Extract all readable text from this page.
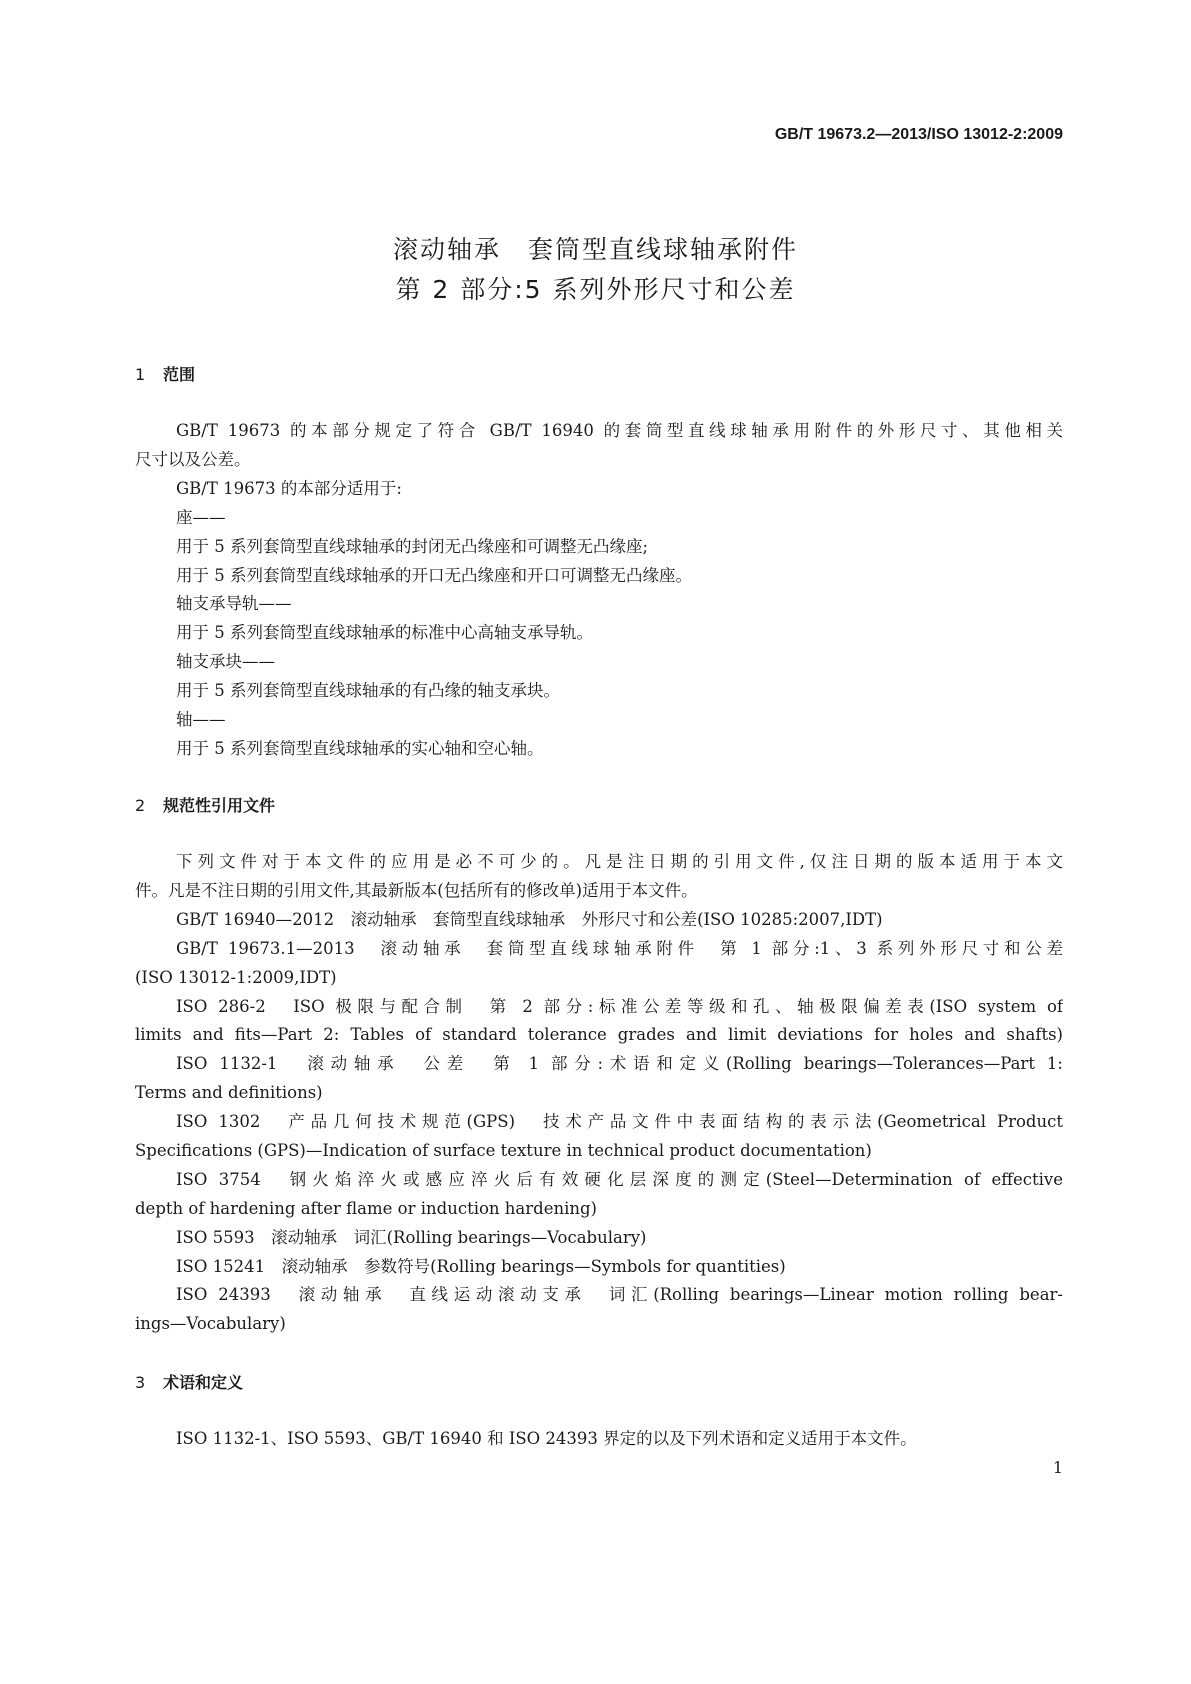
GB/T 19673.2—2013/ISO 13012-2:2009
滚动轴承　套筒型直线球轴承附件
第 2 部分:5 系列外形尺寸和公差
1 范围
GB/T 19673 的本部分规定了符合 GB/T 16940 的套筒型直线球轴承用附件的外形尺寸、其他相关
尺寸以及公差。
GB/T 19673 的本部分适用于:
座——
用于 5 系列套筒型直线球轴承的封闭无凸缘座和可调整无凸缘座;
用于 5 系列套筒型直线球轴承的开口无凸缘座和开口可调整无凸缘座。
轴支承导轨——
用于 5 系列套筒型直线球轴承的标准中心高轴支承导轨。
轴支承块——
用于 5 系列套筒型直线球轴承的有凸缘的轴支承块。
轴——
用于 5 系列套筒型直线球轴承的实心轴和空心轴。
2 规范性引用文件
下列文件对于本文件的应用是必不可少的。凡是注日期的引用文件,仅注日期的版本适用于本文
件。凡是不注日期的引用文件,其最新版本(包括所有的修改单)适用于本文件。
GB/T 16940—2012　滚动轴承　套筒型直线球轴承　外形尺寸和公差(ISO 10285:2007,IDT)
GB/T 19673.1—2013　滚动轴承　套筒型直线球轴承附件　第 1 部分:1、3 系列外形尺寸和公差
(ISO 13012-1:2009,IDT)
ISO 286-2　ISO 极限与配合制　第 2 部分:标准公差等级和孔、轴极限偏差表(ISO system of
limits and fits—Part 2: Tables of standard tolerance grades and limit deviations for holes and shafts)
ISO 1132-1　滚动轴承　公差　第 1 部分:术语和定义(Rolling bearings—Tolerances—Part 1:
Terms and definitions)
ISO 1302　产品几何技术规范(GPS)　技术产品文件中表面结构的表示法(Geometrical Product
Specifications (GPS)—Indication of surface texture in technical product documentation)
ISO 3754　钢火焰淬火或感应淬火后有效硬化层深度的测定(Steel—Determination of effective
depth of hardening after flame or induction hardening)
ISO 5593　滚动轴承　词汇(Rolling bearings—Vocabulary)
ISO 15241　滚动轴承　参数符号(Rolling bearings—Symbols for quantities)
ISO 24393　滚动轴承　直线运动滚动支承　词汇(Rolling bearings—Linear motion rolling bear-
ings—Vocabulary)
3 术语和定义
ISO 1132-1、ISO 5593、GB/T 16940 和 ISO 24393 界定的以及下列术语和定义适用于本文件。
1
